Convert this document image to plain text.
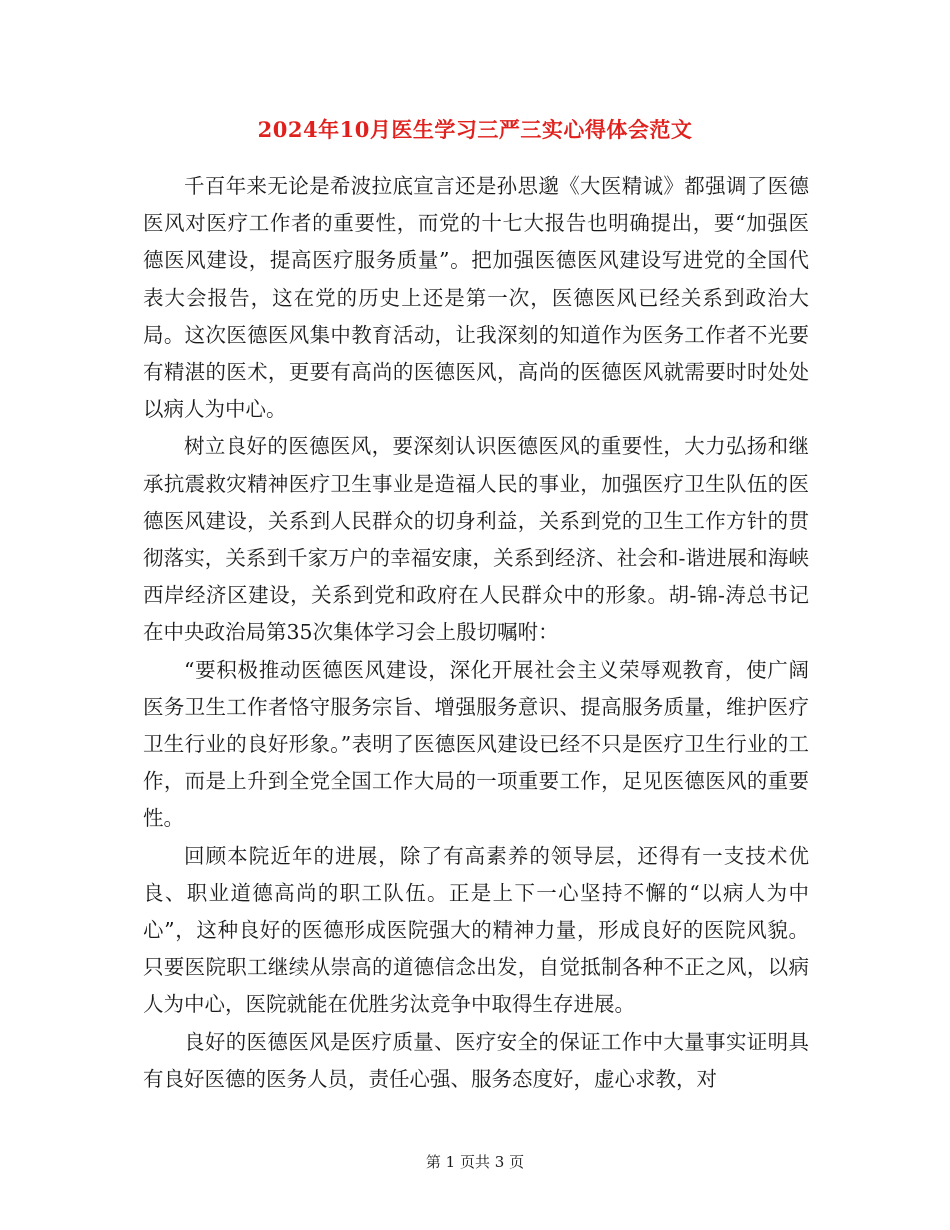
2024年10月医生学习三严三实心得体会范文

千百年来无论是希波拉底宣言还是孙思邈《大医精诚》都强调了医德医风对医疗工作者的重要性，而党的十七大报告也明确提出，要“加强医德医风建设，提高医疗服务质量”。把加强医德医风建设写进党的全国代表大会报告，这在党的历史上还是第一次，医德医风已经关系到政治大局。这次医德医风集中教育活动，让我深刻的知道作为医务工作者不光要有精湛的医术，更要有高尚的医德医风，高尚的医德医风就需要时时处处以病人为中心。

树立良好的医德医风，要深刻认识医德医风的重要性，大力弘扬和继承抗震救灾精神医疗卫生事业是造福人民的事业，加强医疗卫生队伍的医德医风建设，关系到人民群众的切身利益，关系到党的卫生工作方针的贯彻落实，关系到千家万户的幸福安康，关系到经济、社会和-谐进展和海峡西岸经济区建设，关系到党和政府在人民群众中的形象。胡-锦-涛总书记在中央政治局第35次集体学习会上殷切嘱咐：

“要积极推动医德医风建设，深化开展社会主义荣辱观教育，使广阔医务卫生工作者恪守服务宗旨、增强服务意识、提高服务质量，维护医疗卫生行业的良好形象。”表明了医德医风建设已经不只是医疗卫生行业的工作，而是上升到全党全国工作大局的一项重要工作，足见医德医风的重要性。

回顾本院近年的进展，除了有高素养的领导层，还得有一支技术优良、职业道德高尚的职工队伍。正是上下一心坚持不懈的“以病人为中心”，这种良好的医德形成医院强大的精神力量，形成良好的医院风貌。只要医院职工继续从崇高的道德信念出发，自觉抵制各种不正之风，以病人为中心，医院就能在优胜劣汰竞争中取得生存进展。

良好的医德医风是医疗质量、医疗安全的保证工作中大量事实证明具有良好医德的医务人员，责任心强、服务态度好，虚心求教，对

第 1 页共 3 页
